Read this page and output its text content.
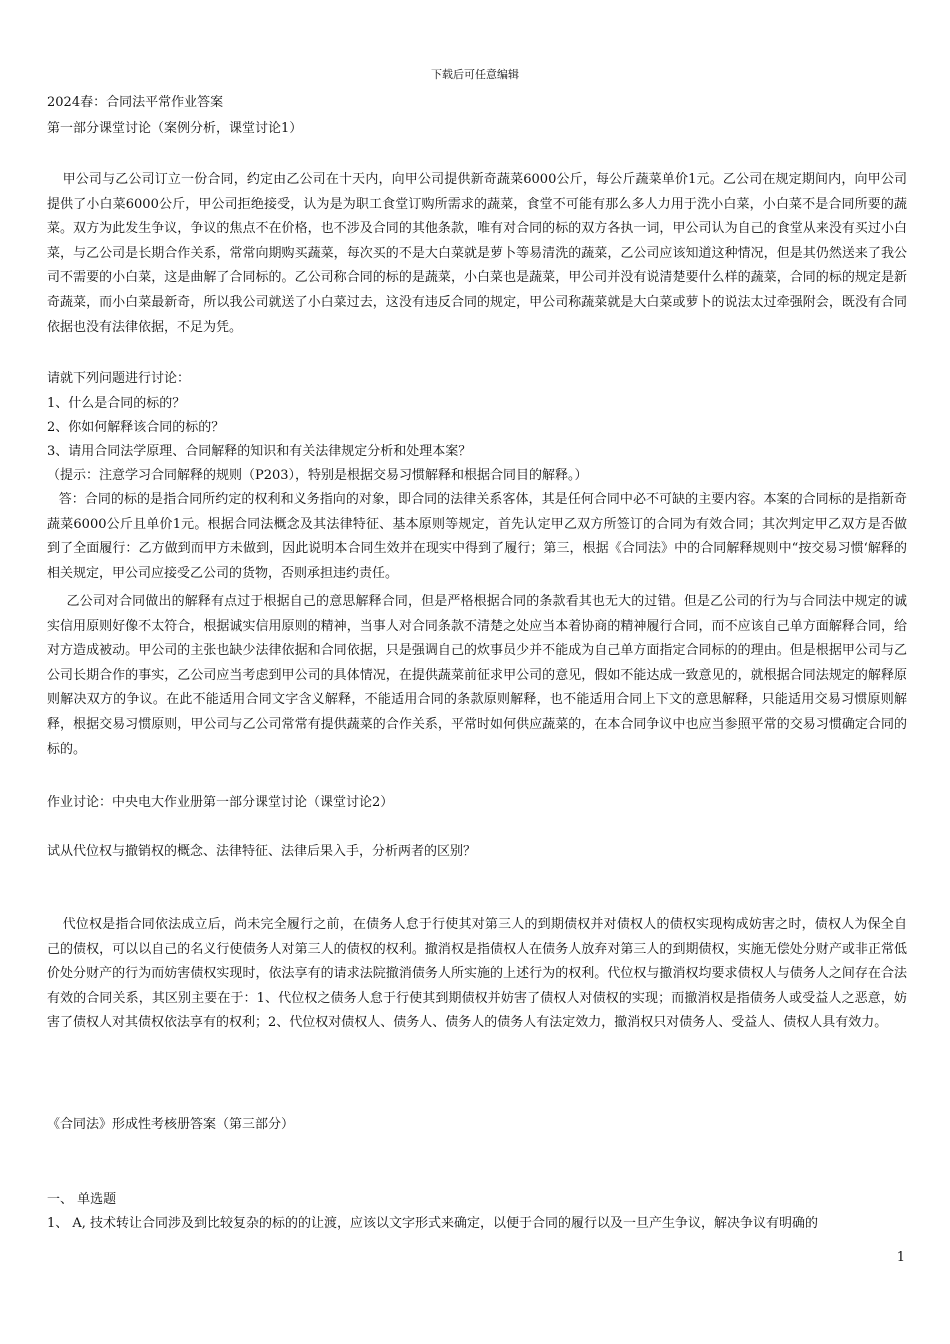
下载后可任意编辑
2024春：合同法平常作业答案
第一部分课堂讨论（案例分析，课堂讨论1）
甲公司与乙公司订立一份合同，约定由乙公司在十天内，向甲公司提供新奇蔬菜6000公斤，每公斤蔬菜单价1元。乙公司在规定期间内，向甲公司提供了小白菜6000公斤，甲公司拒绝接受，认为是为职工食堂订购所需求的蔬菜，食堂不可能有那么多人力用于洗小白菜，小白菜不是合同所要的蔬菜。双方为此发生争议，争议的焦点不在价格，也不涉及合同的其他条款，唯有对合同的标的双方各执一词，甲公司认为自己的食堂从来没有买过小白菜，与乙公司是长期合作关系，常常向期购买蔬菜，每次买的不是大白菜就是萝卜等易清洗的蔬菜，乙公司应该知道这种情况，但是其仍然送来了我公司不需要的小白菜，这是曲解了合同标的。乙公司称合同的标的是蔬菜，小白菜也是蔬菜，甲公司并没有说清楚要什么样的蔬菜，合同的标的规定是新奇蔬菜，而小白菜最新奇，所以我公司就送了小白菜过去，这没有违反合同的规定，甲公司称蔬菜就是大白菜或萝卜的说法太过牵强附会，既没有合同依据也没有法律依据，不足为凭。
请就下列问题进行讨论：
1、什么是合同的标的？
2、你如何解释该合同的标的？
3、请用合同法学原理、合同解释的知识和有关法律规定分析和处理本案？
（提示：注意学习合同解释的规则（P203），特别是根据交易习惯解释和根据合同目的解释。）
答：合同的标的是指合同所约定的权利和义务指向的对象，即合同的法律关系客体，其是任何合同中必不可缺的主要内容。本案的合同标的是指新奇蔬菜6000公斤且单价1元。根据合同法概念及其法律特征、基本原则等规定，首先认定甲乙双方所签订的合同为有效合同；其次判定甲乙双方是否做到了全面履行：乙方做到而甲方未做到，因此说明本合同生效并在现实中得到了履行；第三，根据《合同法》中的合同解释规则中“按交易习惯‘解释的相关规定，甲公司应接受乙公司的货物，否则承担违约责任。
乙公司对合同做出的解释有点过于根据自己的意思解释合同，但是严格根据合同的条款看其也无大的过错。但是乙公司的行为与合同法中规定的诚实信用原则好像不太符合，根据诚实信用原则的精神，当事人对合同条款不清楚之处应当本着协商的精神履行合同，而不应该自己单方面解释合同，给对方造成被动。甲公司的主张也缺少法律依据和合同依据，只是强调自己的炊事员少并不能成为自己单方面指定合同标的的理由。但是根据甲公司与乙公司长期合作的事实，乙公司应当考虑到甲公司的具体情况，在提供蔬菜前征求甲公司的意见，假如不能达成一致意见的，就根据合同法规定的解释原则解决双方的争议。在此不能适用合同文字含义解释，不能适用合同的条款原则解释，也不能适用合同上下文的意思解释，只能适用交易习惯原则解释，根据交易习惯原则，甲公司与乙公司常常有提供蔬菜的合作关系，平常时如何供应蔬菜的，在本合同争议中也应当参照平常的交易习惯确定合同的标的。
作业讨论：中央电大作业册第一部分课堂讨论（课堂讨论2）
试从代位权与撤销权的概念、法律特征、法律后果入手，分析两者的区别？
代位权是指合同依法成立后，尚未完全履行之前，在债务人怠于行使其对第三人的到期债权并对债权人的债权实现构成妨害之时，债权人为保全自己的债权，可以以自己的名义行使债务人对第三人的债权的权利。撤消权是指债权人在债务人放弃对第三人的到期债权，实施无偿处分财产或非正常低价处分财产的行为而妨害债权实现时，依法享有的请求法院撤消债务人所实施的上述行为的权利。代位权与撤消权均要求债权人与债务人之间存在合法有效的合同关系，其区别主要在于：1、代位权之债务人怠于行使其到期债权并妨害了债权人对债权的实现；而撤消权是指债务人或受益人之恶意，妨害了债权人对其债权依法享有的权利；2、代位权对债权人、债务人、债务人的债务人有法定效力，撤消权只对债务人、受益人、债权人具有效力。
《合同法》形成性考核册答案（第三部分）
一、 单选题
1、 A, 技术转让合同涉及到比较复杂的标的的让渡，应该以文字形式来确定，以便于合同的履行以及一旦产生争议，解决争议有明确的
1
